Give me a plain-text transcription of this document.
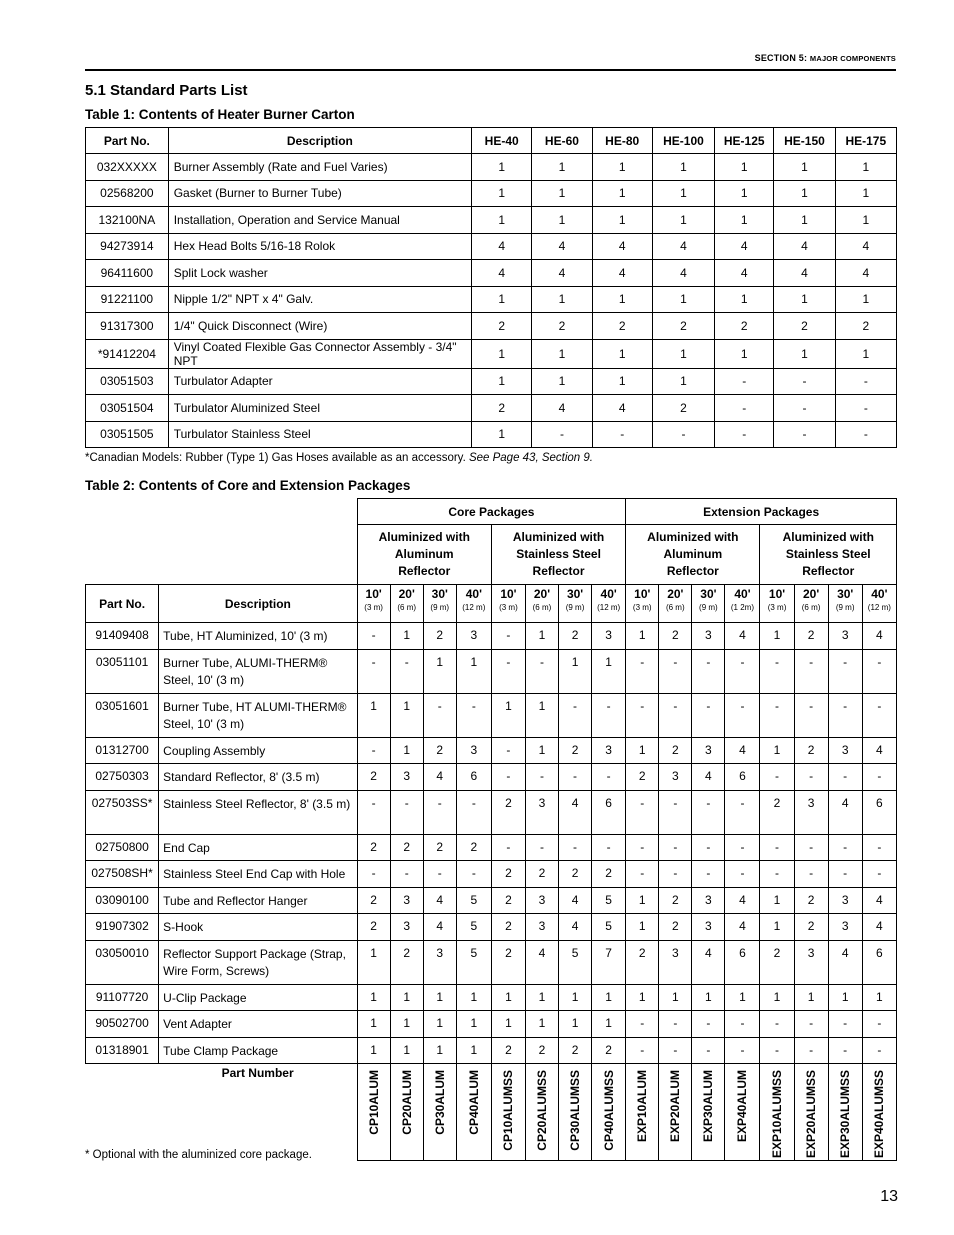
SECTION 5: MAJOR COMPONENTS
5.1 Standard Parts List
Table 1: Contents of Heater Burner Carton
Part No.	Description	HE-40	HE-60	HE-80	HE-100	HE-125	HE-150	HE-175
032XXXXX	Burner Assembly (Rate and Fuel Varies)	1	1	1	1	1	1	1
02568200	Gasket (Burner to Burner Tube)	1	1	1	1	1	1	1
132100NA	Installation, Operation and Service Manual	1	1	1	1	1	1	1
94273914	Hex Head Bolts 5/16-18 Rolok	4	4	4	4	4	4	4
96411600	Split Lock washer	4	4	4	4	4	4	4
91221100	Nipple 1/2" NPT x 4" Galv.	1	1	1	1	1	1	1
91317300	1/4" Quick Disconnect (Wire)	2	2	2	2	2	2	2
*91412204	Vinyl Coated Flexible Gas Connector Assembly - 3/4" NPT	1	1	1	1	1	1	1
03051503	Turbulator Adapter	1	1	1	1	-	-	-
03051504	Turbulator Aluminized Steel	2	4	4	2	-	-	-
03051505	Turbulator Stainless Steel	1	-	-	-	-	-	-
*Canadian Models: Rubber (Type 1) Gas Hoses available as an accessory. See Page 43, Section 9.
Table 2: Contents of Core and Extension Packages
		Core Packages								Extension Packages							

		Aluminized with Aluminum Reflector				Aluminized with Stainless Steel Reflector				Aluminized with Aluminum Reflector				Aluminized with Stainless Steel Reflector			

Part No.	Description	10'
(3 m)	20'
(6 m)	30'
(9 m)	40'
(12 m)	10'
(3 m)	20'
(6 m)	30'
(9 m)	40'
(12 m)	10'
(3 m)	20'
(6 m)	30'
(9 m)	40'
(1 2m)	10'
(3 m)	20'
(6 m)	30'
(9 m)	40'
(12 m)

91409408	Tube, HT Aluminized, 10' (3 m)	-	1	2	3	-	1	2	3	1	2	3	4	1	2	3	4
03051101	Burner Tube, ALUMI-THERM® Steel, 10' (3 m)	-	-	1	1	-	-	1	1	-	-	-	-	-	-	-	-
03051601	Burner Tube, HT ALUMI-THERM® Steel, 10' (3 m)	1	1	-	-	1	1	-	-	-	-	-	-	-	-	-	-
01312700	Coupling Assembly	-	1	2	3	-	1	2	3	1	2	3	4	1	2	3	4
02750303	Standard Reflector, 8' (3.5 m)	2	3	4	6	-	-	-	-	2	3	4	6	-	-	-	-
027503SS*	Stainless Steel Reflector, 8' (3.5 m)	-	-	-	-	2	3	4	6	-	-	-	-	2	3	4	6
02750800	End Cap	2	2	2	2	-	-	-	-	-	-	-	-	-	-	-	-
027508SH*	Stainless Steel End Cap with Hole	-	-	-	-	2	2	2	2	-	-	-	-	-	-	-	-
03090100	Tube and Reflector Hanger	2	3	4	5	2	3	4	5	1	2	3	4	1	2	3	4
91907302	S-Hook	2	3	4	5	2	3	4	5	1	2	3	4	1	2	3	4
03050010	Reflector Support Package (Strap, Wire Form, Screws)	1	2	3	5	2	4	5	7	2	3	4	6	2	3	4	6
91107720	U-Clip Package	1	1	1	1	1	1	1	1	1	1	1	1	1	1	1	1
90502700	Vent Adapter	1	1	1	1	1	1	1	1	-	-	-	-	-	-	-	-
01318901	Tube Clamp Package	1	1	1	1	2	2	2	2	-	-	-	-	-	-	-	-
	Part Number	CP10ALUM	CP20ALUM	CP30ALUM	CP40ALUM	CP10ALUMSS	CP20ALUMSS	CP30ALUMSS	CP40ALUMSS	EXP10ALUM	EXP20ALUM	EXP30ALUM	EXP40ALUM	EXP10ALUMSS	EXP20ALUMSS	EXP30ALUMSS	EXP40ALUMSS
* Optional with the aluminized core package.
13
